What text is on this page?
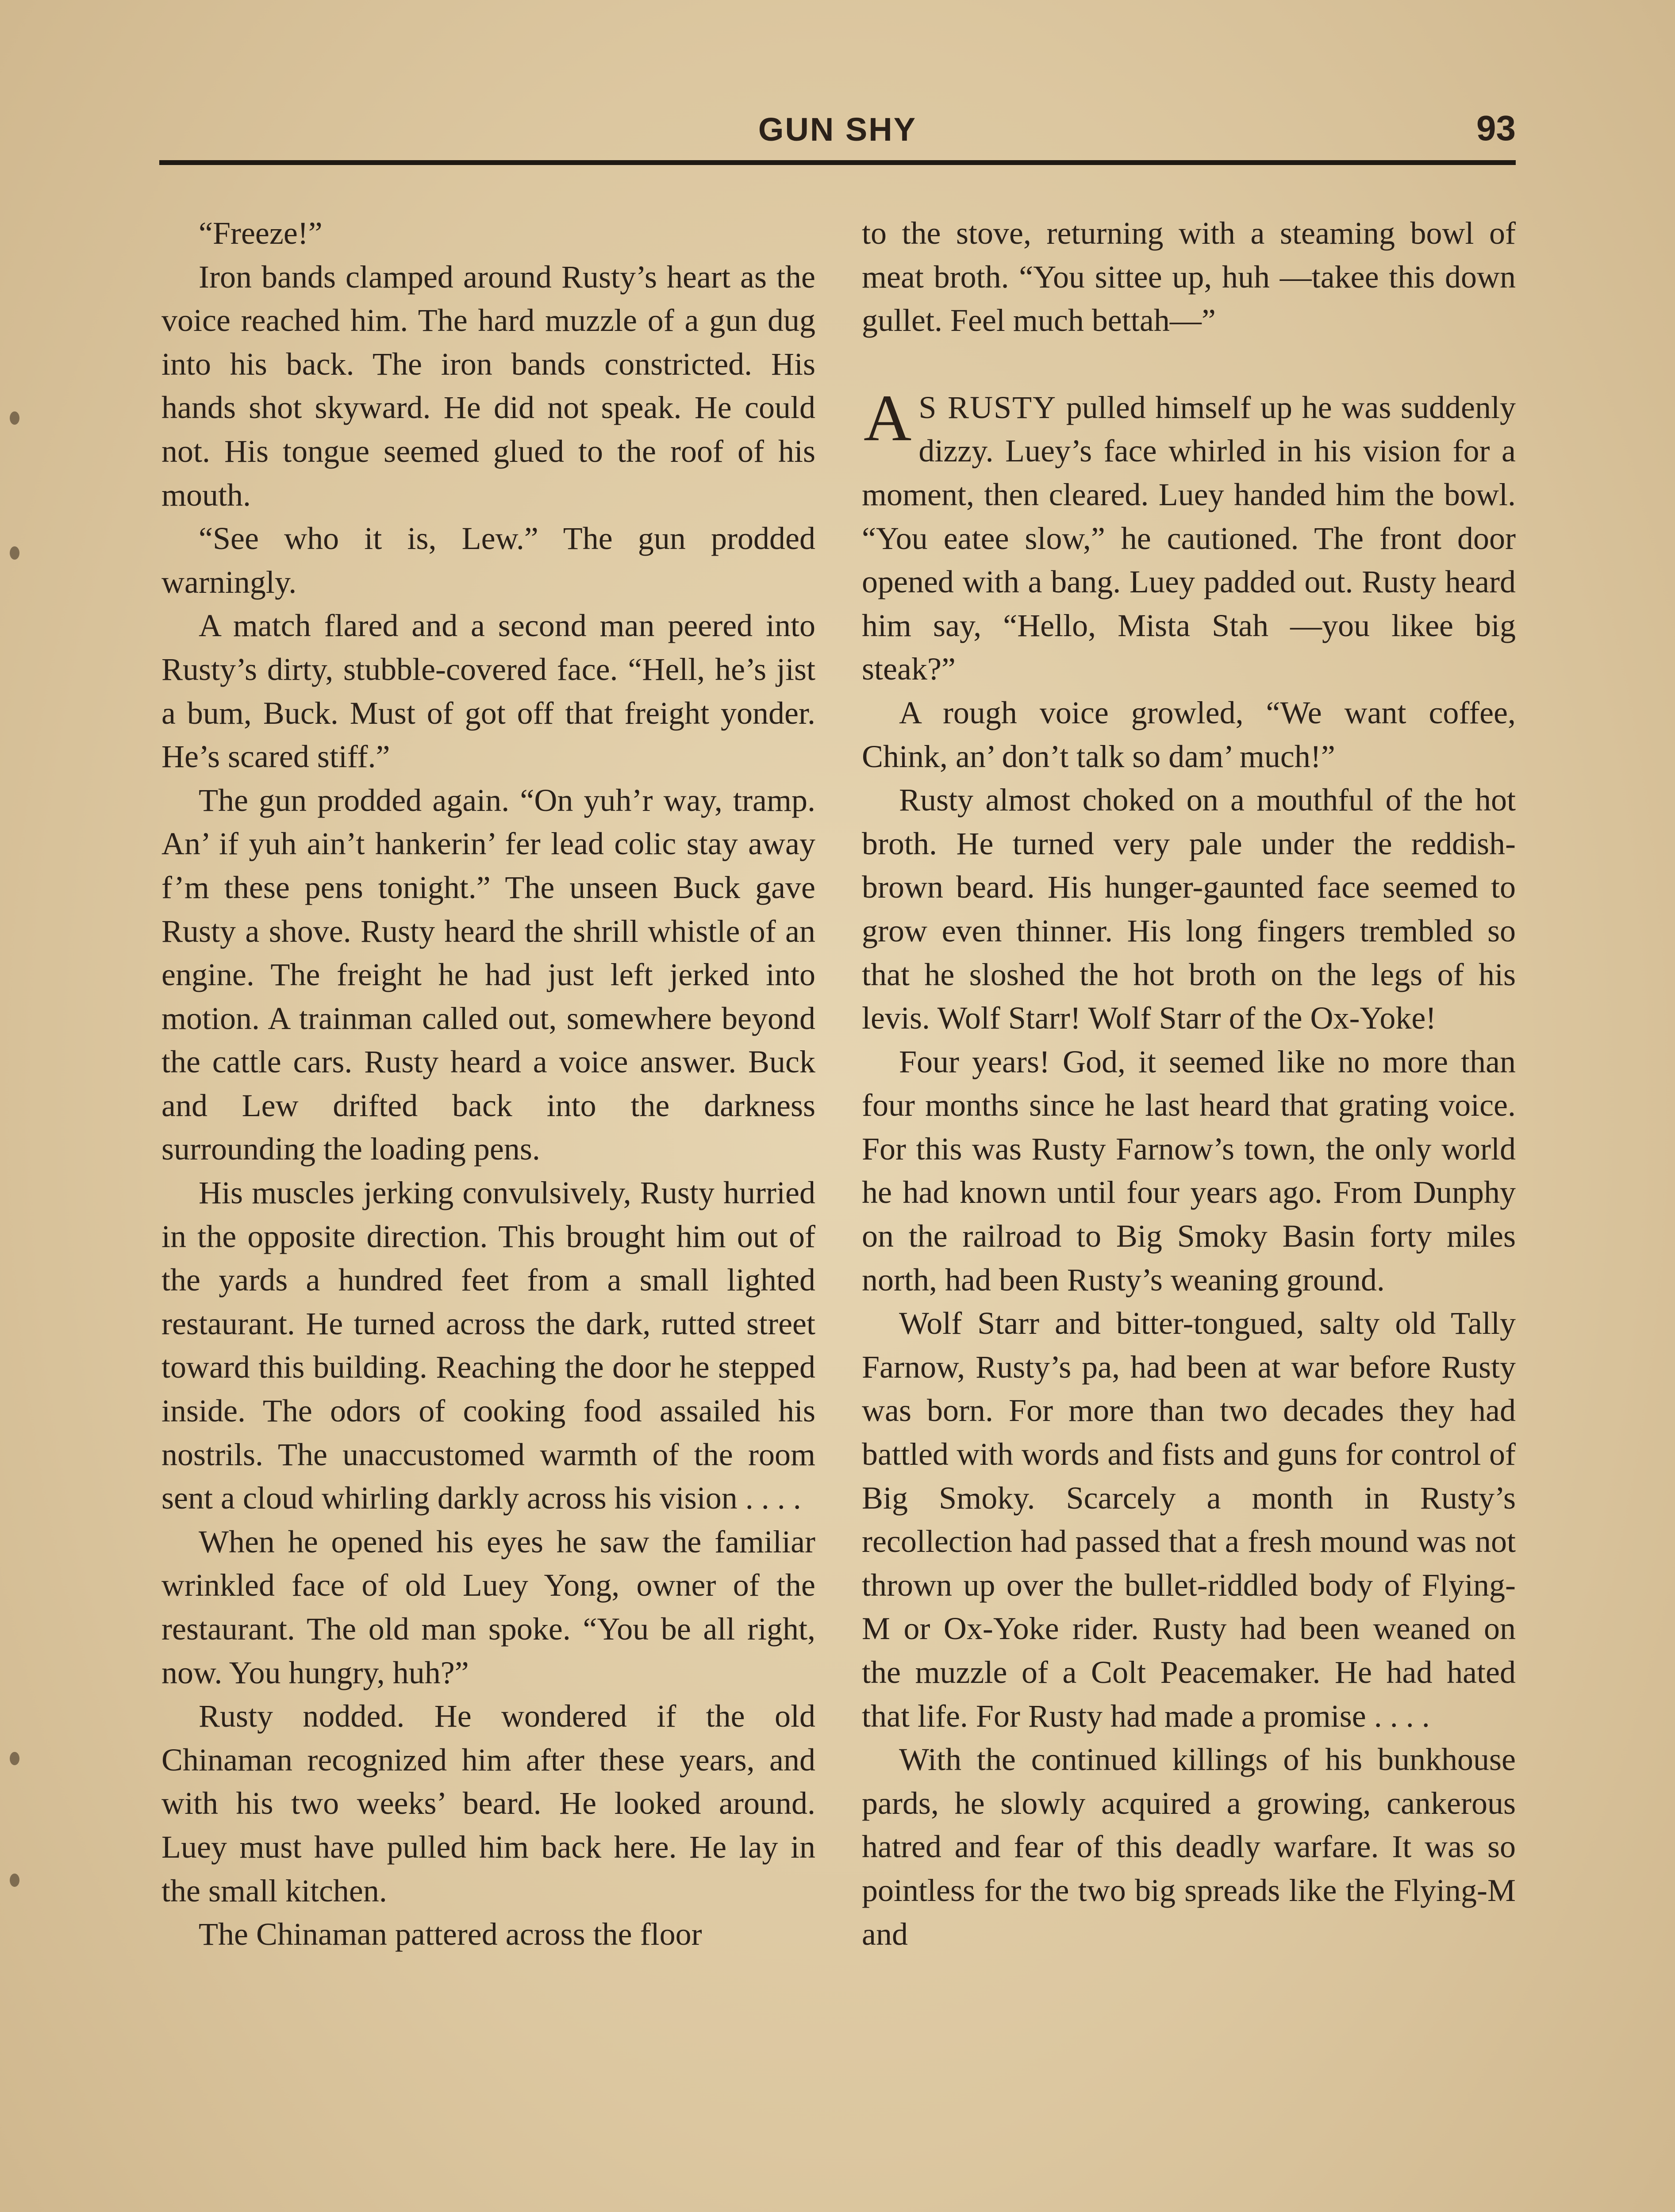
GUN SHY	93

“Freeze!”

Iron bands clamped around Rusty’s heart as the voice reached him. The hard muzzle of a gun dug into his back. The iron bands constricted. His hands shot skyward. He did not speak. He could not. His tongue seemed glued to the roof of his mouth.

“See who it is, Lew.” The gun prodded warningly.

A match flared and a second man peered into Rusty’s dirty, stubble-covered face. “Hell, he’s jist a bum, Buck. Must of got off that freight yonder. He’s scared stiff.”

The gun prodded again. “On yuh’r way, tramp. An’ if yuh ain’t hankerin’ fer lead colic stay away f’m these pens tonight.” The unseen Buck gave Rusty a shove. Rusty heard the shrill whistle of an engine. The freight he had just left jerked into motion. A trainman called out, somewhere beyond the cattle cars. Rusty heard a voice answer. Buck and Lew drifted back into the darkness surrounding the loading pens.

His muscles jerking convulsively, Rusty hurried in the opposite direction. This brought him out of the yards a hundred feet from a small lighted restaurant. He turned across the dark, rutted street toward this building. Reaching the door he stepped inside. The odors of cooking food assailed his nostrils. The unaccustomed warmth of the room sent a cloud whirling darkly across his vision . . . .

When he opened his eyes he saw the familiar wrinkled face of old Luey Yong, owner of the restaurant. The old man spoke. “You be all right, now. You hungry, huh?”

Rusty nodded. He wondered if the old Chinaman recognized him after these years, and with his two weeks’ beard. He looked around. Luey must have pulled him back here. He lay in the small kitchen.

The Chinaman pattered across the floor

to the stove, returning with a steaming bowl of meat broth. “You sittee up, huh —takee this down gullet. Feel much bettah—”

A S RUSTY pulled himself up he was suddenly dizzy. Luey’s face whirled in his vision for a moment, then cleared. Luey handed him the bowl. “You eatee slow,” he cautioned. The front door opened with a bang. Luey padded out. Rusty heard him say, “Hello, Mista Stah —you likee big steak?”

A rough voice growled, “We want coffee, Chink, an’ don’t talk so dam’ much!”

Rusty almost choked on a mouthful of the hot broth. He turned very pale under the reddish-brown beard. His hunger-gaunted face seemed to grow even thinner. His long fingers trembled so that he sloshed the hot broth on the legs of his levis. Wolf Starr! Wolf Starr of the Ox-Yoke!

Four years! God, it seemed like no more than four months since he last heard that grating voice. For this was Rusty Farnow’s town, the only world he had known until four years ago. From Dunphy on the railroad to Big Smoky Basin forty miles north, had been Rusty’s weaning ground.

Wolf Starr and bitter-tongued, salty old Tally Farnow, Rusty’s pa, had been at war before Rusty was born. For more than two decades they had battled with words and fists and guns for control of Big Smoky. Scarcely a month in Rusty’s recollection had passed that a fresh mound was not thrown up over the bullet-riddled body of Flying-M or Ox-Yoke rider. Rusty had been weaned on the muzzle of a Colt Peacemaker. He had hated that life. For Rusty had made a promise . . . .

With the continued killings of his bunkhouse pards, he slowly acquired a growing, cankerous hatred and fear of this deadly warfare. It was so pointless for the two big spreads like the Flying-M and
